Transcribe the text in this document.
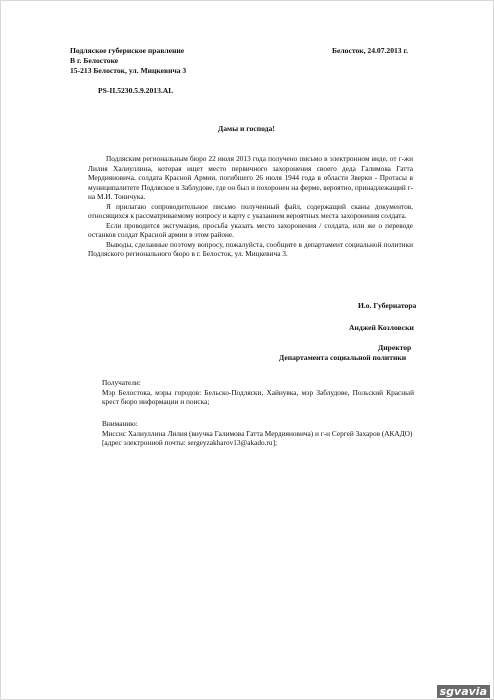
Подляское губернское правление
В г. Белостоке
15-213 Белосток, ул. Мицкевича 3
Белосток, 24.07.2013 г.
PS-II.5230.5.9.2013.AL
Дамы и господа!

Подляским региональным бюро 22 июля 2013 года получено письмо в электронном виде, от г-жи Лилия Халиуллина, которая ищет место первичного захоронения своего деда Галимова Гатта Мердияновича, солдата Красной Армии, погибшего 26 июля 1944 года в области Зверки - Протасы в муниципалитете Подляское в Заблудове, где он был и похоронен на ферме, вероятно, принадлежащий г-на М.И. Тоничука.

Я прилагаю сопроводительное письмо полученный файл, содержащий сканы документов, относящихся к рассматриваемому вопросу и карту с указанием вероятных места захоронения солдата.

Если проводится эксгумация, просьба указать место захоронения / солдата, или же о переводе останков солдат Красной армии в этом районе.

Выводы, сделанные поэтому вопросу, пожалуйста, сообщите в департамент социальной политики Подляского регионального бюро в г. Белосток, ул. Мицкевича 3.

И.о. Губернатора
Анджей Козловски
Директор
Департамента социальной политики
Получатели:
Мэр Белостока, мэры городов: Бельско-Подляски, Хайнувка, мэр Заблудове, Польский Красный крест бюро информации и поиска;
Вниманию:
Миссис Халиуллина Лилия (внучка Галимова Гатта Мердияновича) и г-н Сергей Захаров (АКАДО) [адрес электронной почты: sergeyzakharov13@akado.ru];
sgvavia
